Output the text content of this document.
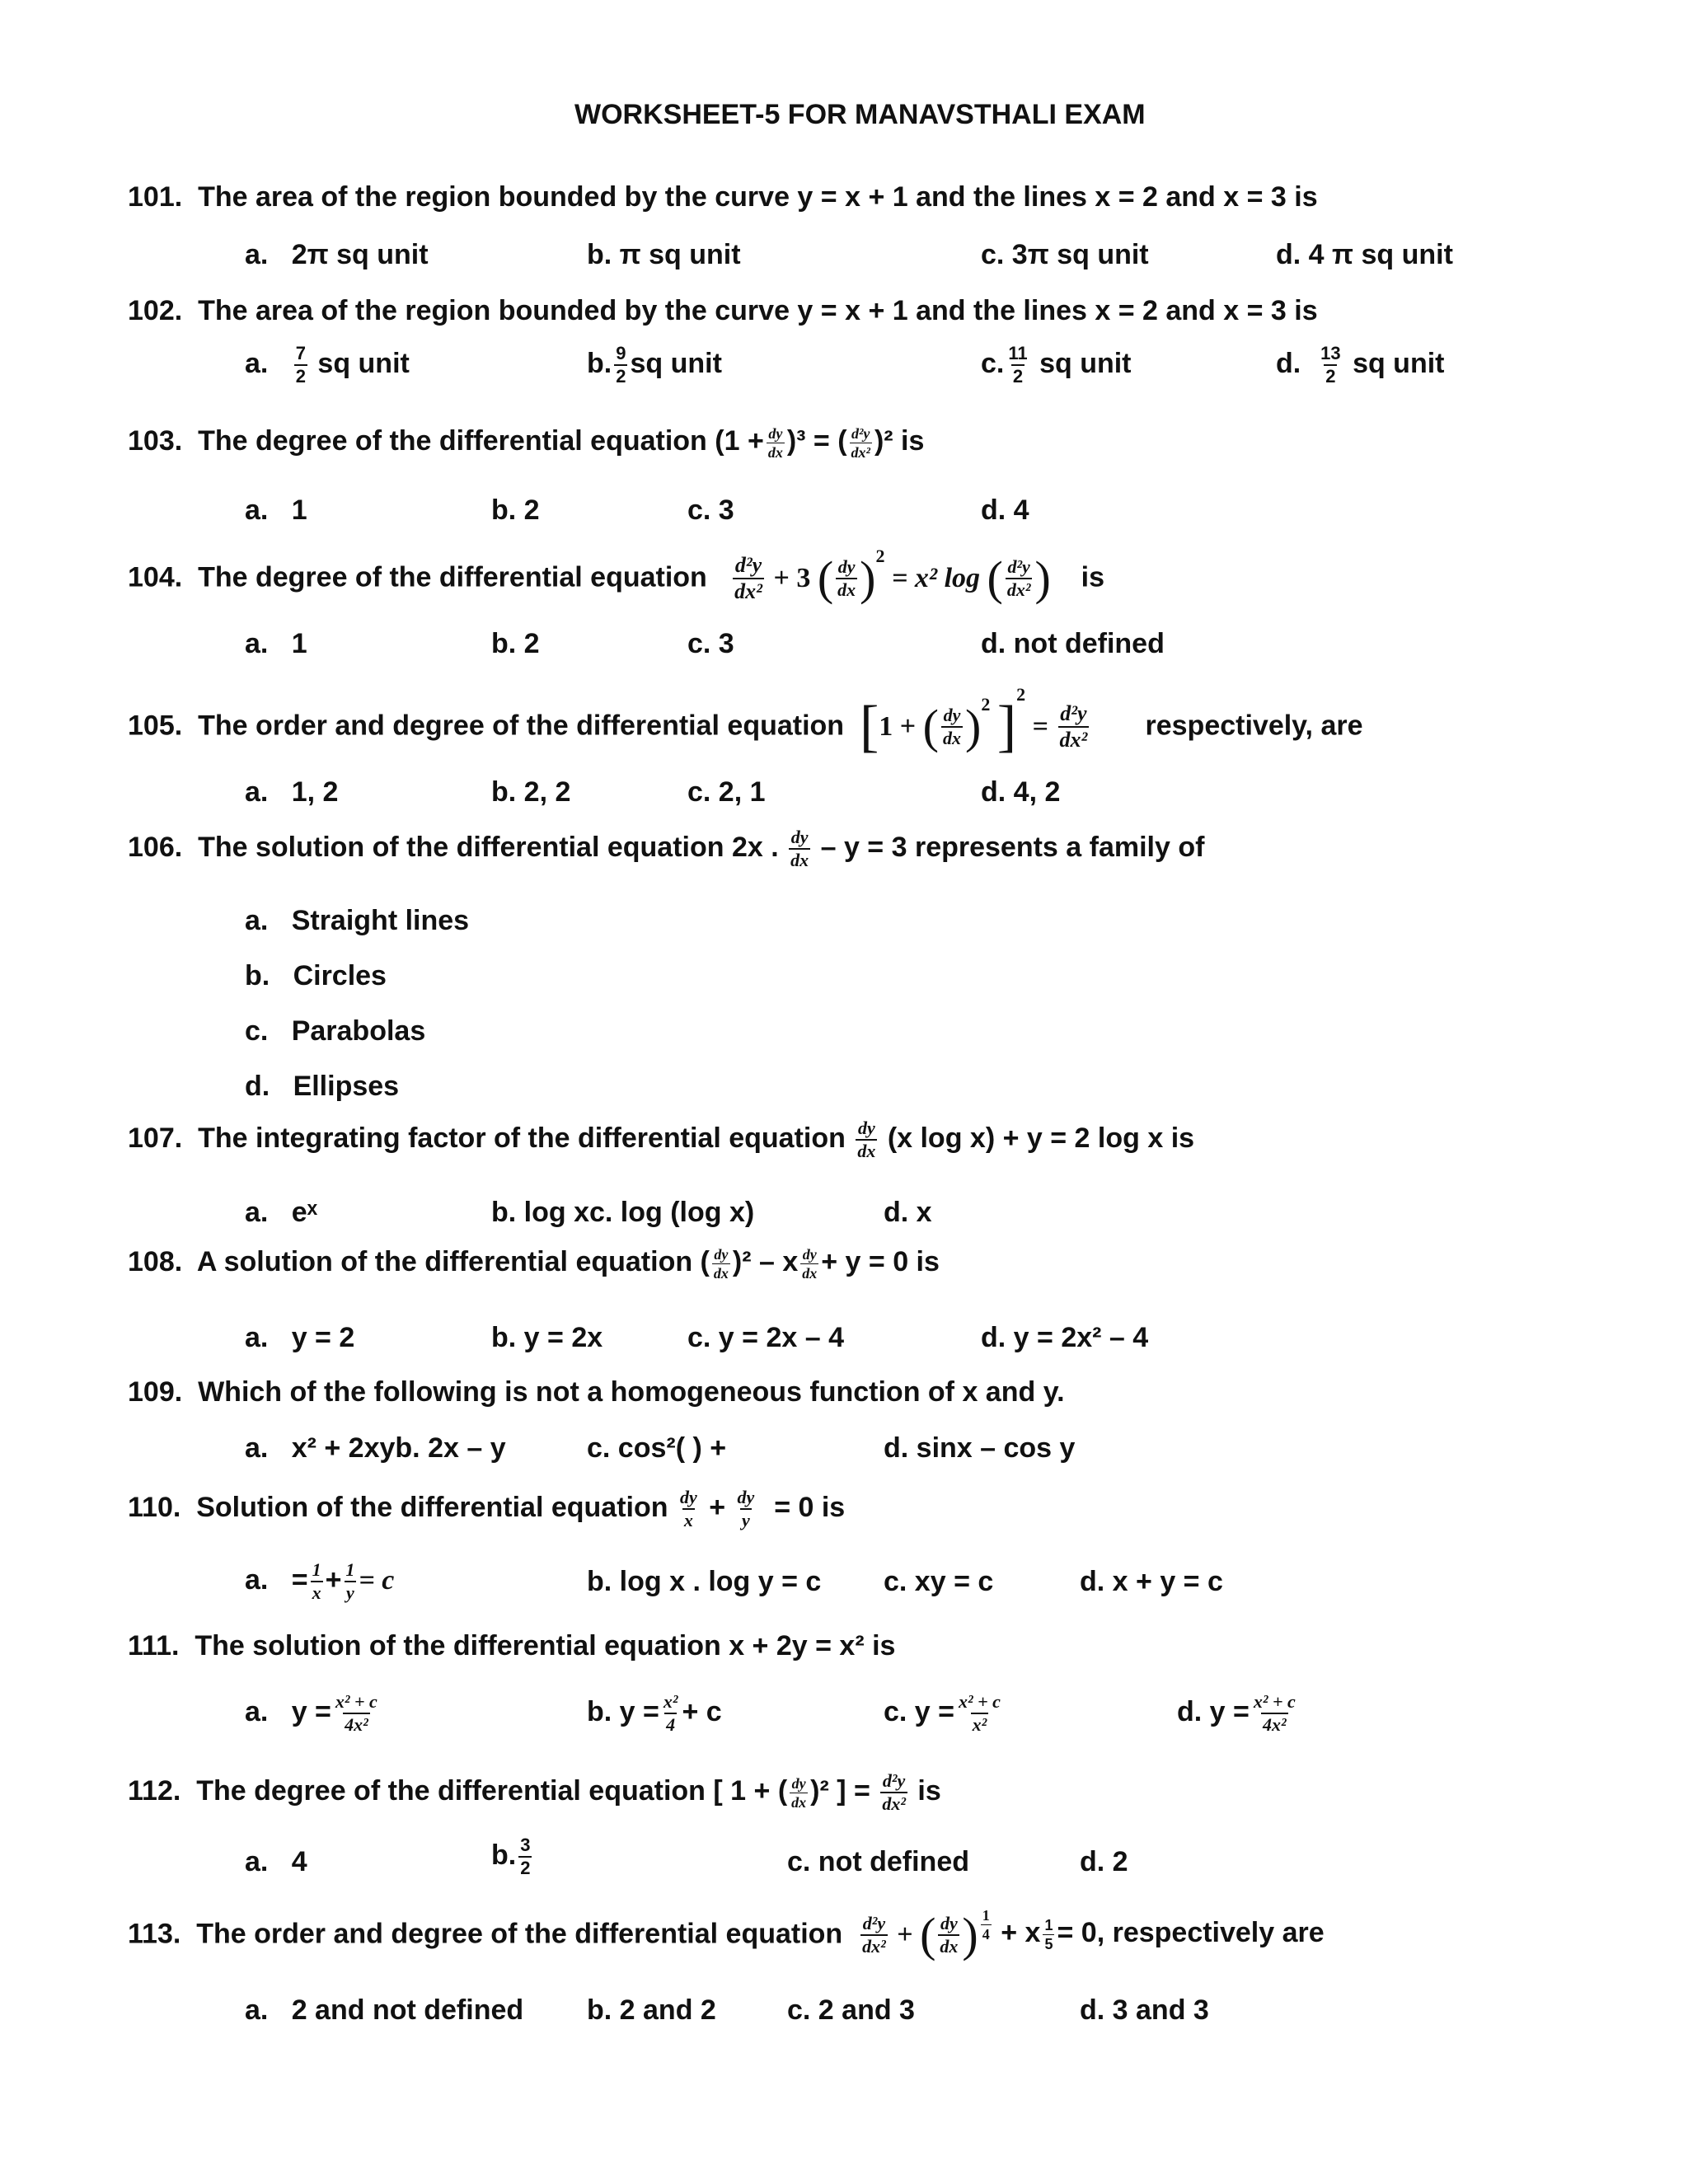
WORKSHEET-5 FOR MANAVSTHALI EXAM
101. The area of the region bounded by the curve y = x + 1 and the lines x = 2 and x = 3 is
a. 2π sq unit	b. π sq unit	c. 3π sq unit	d. 4 π sq unit
102. The area of the region bounded by the curve y = x + 1 and the lines x = 2 and x = 3 is
a. $\frac{7}{2}$ sq unit	b. $\frac{9}{2}$ sq unit	c. $\frac{11}{2}$ sq unit	d. $\frac{13}{2}$ sq unit
103. The degree of the differential equation $(1 + \frac{dy}{dx} )^3$ = ( $\frac{\text{d²y}}{\text{dx²}} )^2$ is
a. 1	b. 2	c. 3	d. 4
104. The degree of the differential equation $\frac{\text{d²y}}{\text{dx²}} + 3$ ( $\frac{dy}{dx} )^2 = x^2$ log ( $\frac{\text{d²y}}{\text{dx²}}$ ) is
a. 1	b. 2	c. 3	d. not defined
105. The order and degree of the differential equation [1 + ( $\frac{dy}{dx} )^2$ ]$^2 = \frac{\text{d²y}}{\text{dx²}}$ respectively, are
a. 1, 2	b. 2, 2	c. 2, 1	d. 4, 2
106. The solution of the differential equation 2x . $\frac{dy}{dx} - y = 3$ represents a family of
a. Straight lines
b. Circles
c. Parabolas
d. Ellipses
107. The integrating factor of the differential equation $\frac{dy}{dx} (x$ log x) + y = 2 log x is
a. eˣ	b. log xc. log (log x)	d. x
108. A solution of the differential equation ( $\frac{dy}{dx} )^2 - x \frac{dy}{dx} + y = 0$ is
a. y = 2	b. y = 2x	c. y = 2x – 4	d. y = 2x² – 4
109. Which of the following is not a homogeneous function of x and y.
a. x² + 2xyb. 2x – y	c. cos²( ) +	d. sinx – cos y
110. Solution of the differential equation $\frac{dy}{x} + \frac{dy}{y} = 0$ is
a. = $\frac{1}{x} + \frac{1}{y} = c$	b. log x . log y = c c. xy = c	d. x + y = c
111. The solution of the differential equation x + 2y = x² is
a. $y = \frac{\text{x² + c}}{\text{4x²}}$	b. $y = \frac{\text{x²}}{4} + c$	c. $y = \frac{\text{x² + c}}{\text{x²}}$	d. $y = \frac{\text{x² + c}}{\text{4x²}}$
112. The degree of the differential equation [ 1 + ( $\frac{dy}{dx} )^2$ ] = $\frac{\text{d²y}}{\text{dx²}}$ is
a. 4	b. $\frac{3}{2}$	c. not defined	d. 2
113. The order and degree of the differential equation $\frac{\text{d²y}}{\text{dx²}}$ + ( $\frac{dy}{dx}$ ) $\frac{1}{4} + x \frac{1}{5} = 0$, respectively are
a. 2 and not defined b. 2 and 2	c. 2 and 3	d. 3 and 3
